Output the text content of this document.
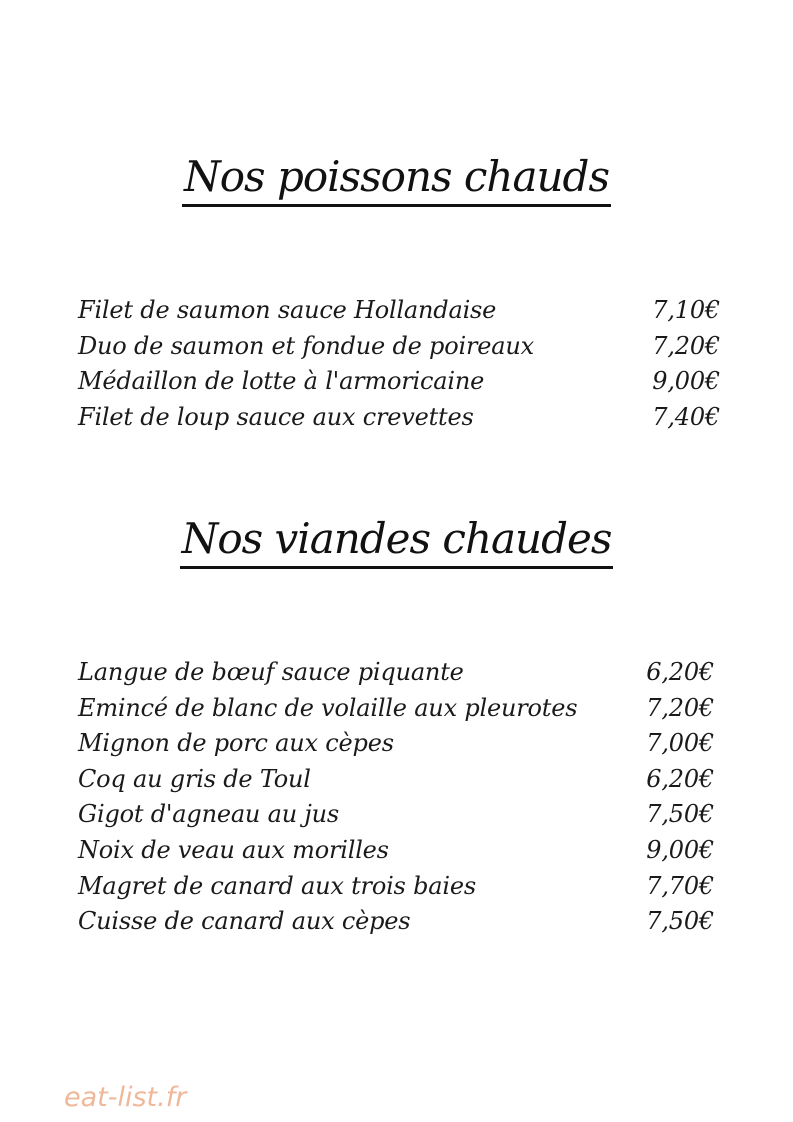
Nos poissons chauds
Filet de saumon sauce Hollandaise	7,10€
Duo de saumon et fondue de poireaux	7,20€
Médaillon de lotte à l'armoricaine	9,00€
Filet de loup sauce aux crevettes	7,40€
Nos viandes chaudes
Langue de bœuf sauce piquante	6,20€
Emincé de blanc de volaille aux pleurotes	7,20€
Mignon de porc aux cèpes	7,00€
Coq au gris de Toul	6,20€
Gigot d'agneau au jus	7,50€
Noix de veau aux morilles	9,00€
Magret de canard aux trois baies	7,70€
Cuisse de canard aux cèpes	7,50€
eat-list.fr
